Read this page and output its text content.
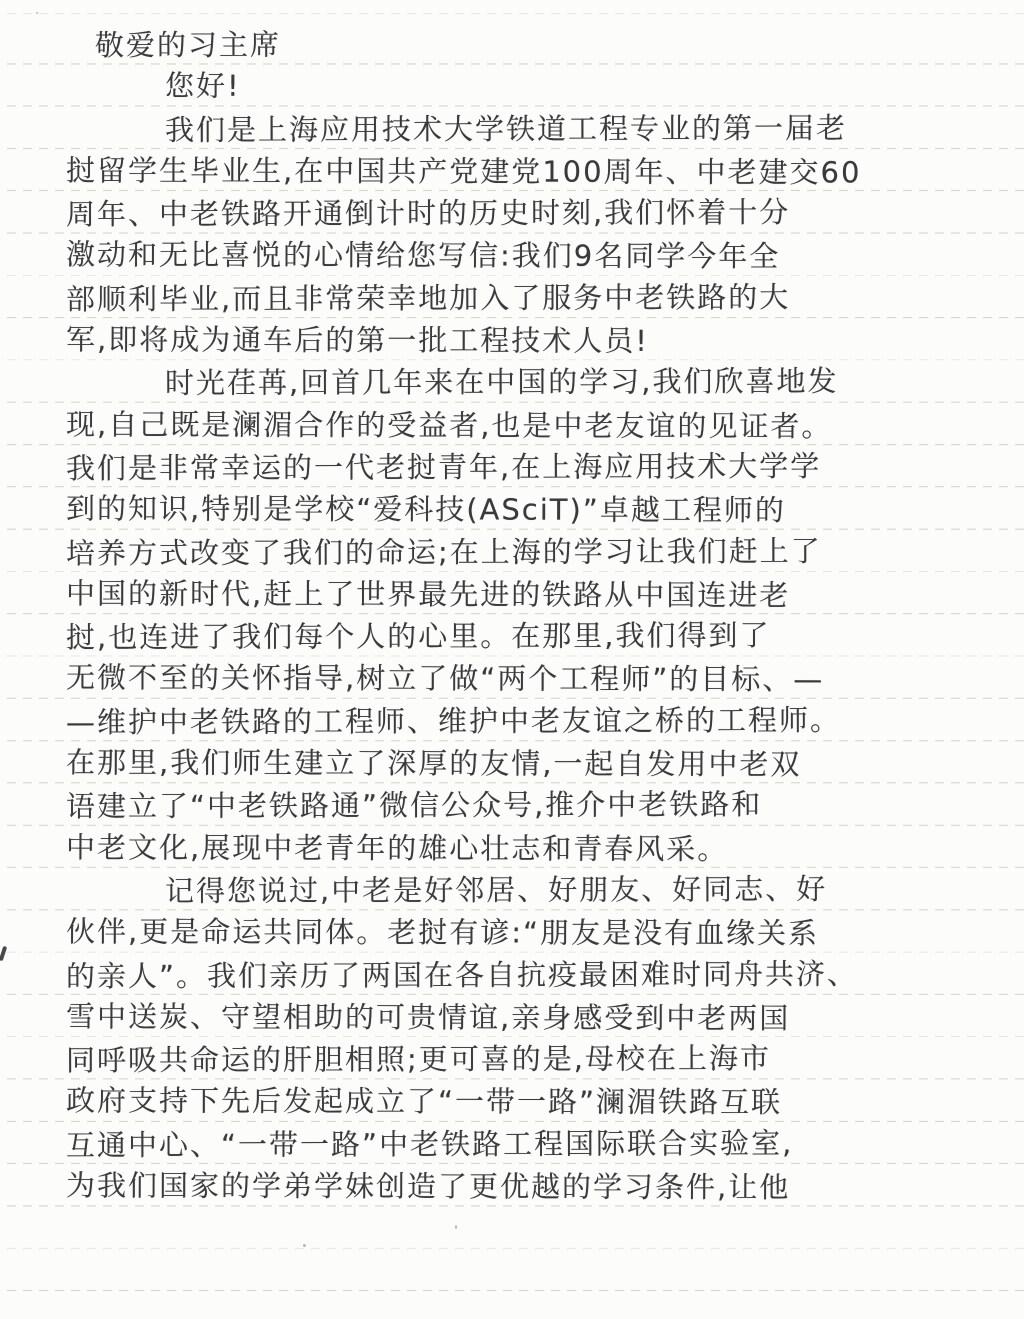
敬爱的习主席
您好!
我们是上海应用技术大学铁道工程专业的第一届老
挝留学生毕业生,在中国共产党建党100周年、中老建交60
周年、中老铁路开通倒计时的历史时刻,我们怀着十分
激动和无比喜悦的心情给您写信:我们9名同学今年全
部顺利毕业,而且非常荣幸地加入了服务中老铁路的大
军,即将成为通车后的第一批工程技术人员!
时光荏苒,回首几年来在中国的学习,我们欣喜地发
现,自己既是澜湄合作的受益者,也是中老友谊的见证者。
我们是非常幸运的一代老挝青年,在上海应用技术大学学
到的知识,特别是学校“爱科技(ASciT)”卓越工程师的
培养方式改变了我们的命运;在上海的学习让我们赶上了
中国的新时代,赶上了世界最先进的铁路从中国连进老
挝,也连进了我们每个人的心里。在那里,我们得到了
无微不至的关怀指导,树立了做“两个工程师”的目标、—
—维护中老铁路的工程师、维护中老友谊之桥的工程师。
在那里,我们师生建立了深厚的友情,一起自发用中老双
语建立了“中老铁路通”微信公众号,推介中老铁路和
中老文化,展现中老青年的雄心壮志和青春风采。
记得您说过,中老是好邻居、好朋友、好同志、好
伙伴,更是命运共同体。老挝有谚:“朋友是没有血缘关系
的亲人”。我们亲历了两国在各自抗疫最困难时同舟共济、
雪中送炭、守望相助的可贵情谊,亲身感受到中老两国
同呼吸共命运的肝胆相照;更可喜的是,母校在上海市
政府支持下先后发起成立了“一带一路”澜湄铁路互联
互通中心、“一带一路”中老铁路工程国际联合实验室,
为我们国家的学弟学妹创造了更优越的学习条件,让他
